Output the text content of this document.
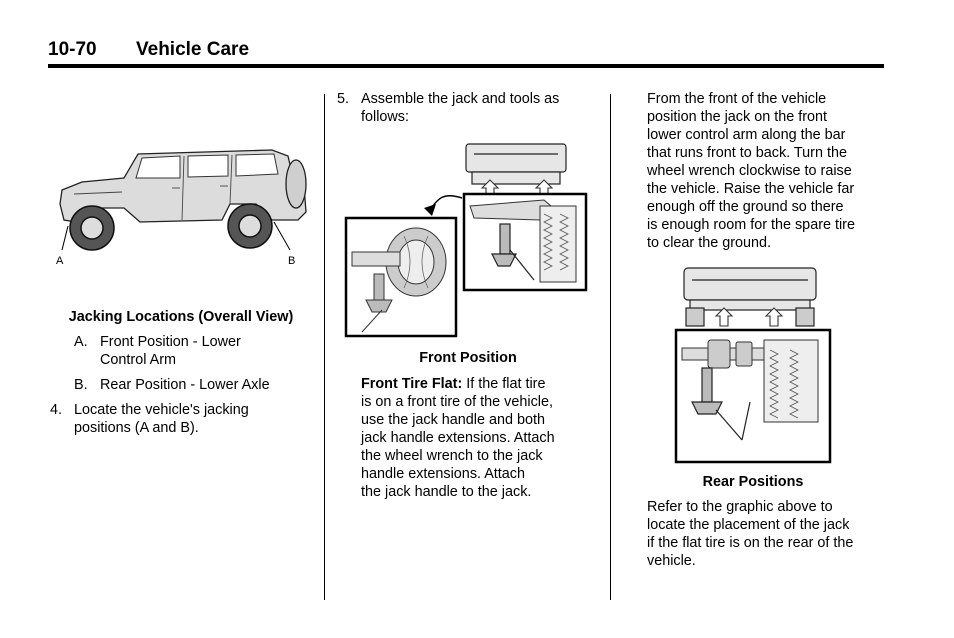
10-70 Vehicle Care
A	B
Jacking Locations (Overall View)
A. Front Position - Lower
Control Arm
B. Rear Position - Lower Axle
4. Locate the vehicle's jacking
positions (A and B).
5. Assemble the jack and tools as
follows:
Front Position
Front Tire Flat: If the flat tire
is on a front tire of the vehicle,
use the jack handle and both
jack handle extensions. Attach
the wheel wrench to the jack
handle extensions. Attach
the jack handle to the jack.
From the front of the vehicle
position the jack on the front
lower control arm along the bar
that runs front to back. Turn the
wheel wrench clockwise to raise
the vehicle. Raise the vehicle far
enough off the ground so there
is enough room for the spare tire
to clear the ground.
Rear Positions
Refer to the graphic above to
locate the placement of the jack
if the flat tire is on the rear of the
vehicle.
